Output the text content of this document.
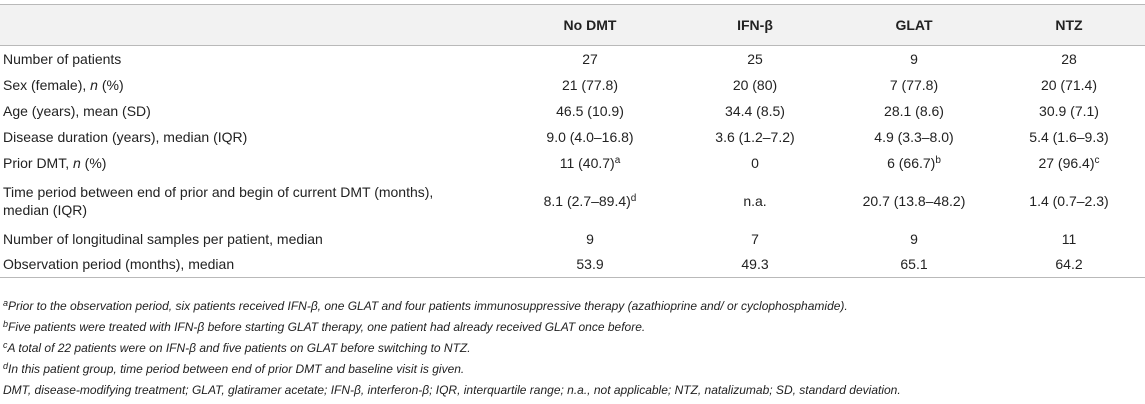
	No DMT	IFN-β	GLAT	NTZ
Number of patients	27	25	9	28
Sex (female), n (%)	21 (77.8)	20 (80)	7 (77.8)	20 (71.4)
Age (years), mean (SD)	46.5 (10.9)	34.4 (8.5)	28.1 (8.6)	30.9 (7.1)
Disease duration (years), median (IQR)	9.0 (4.0–16.8)	3.6 (1.2–7.2)	4.9 (3.3–8.0)	5.4 (1.6–9.3)
Prior DMT, n (%)	11 $(40.7)^a$	0	6 $(66.7)^b$	27 $(96.4)^c$
Time period between end of prior and begin of current DMT (months),
median (IQR)	8.1 $(2.7-89.4)^d$	n.a.	20.7 (13.8–48.2)	1.4 (0.7–2.3)
Number of longitudinal samples per patient, median	9	7	9	11
Observation period (months), median	53.9	49.3	65.1	64.2
$^a$Prior to the observation period, six patients received IFN-β, one GLAT and four patients immunosuppressive therapy (azathioprine and/ or cyclophosphamide).
$^b$Five patients were treated with IFN-β before starting GLAT therapy, one patient had already received GLAT once before.
$^c$A total of 22 patients were on IFN-β and five patients on GLAT before switching to NTZ.
$^d$In this patient group, time period between end of prior DMT and baseline visit is given.
DMT, disease-modifying treatment; GLAT, glatiramer acetate; IFN-β, interferon-β; IQR, interquartile range; n.a., not applicable; NTZ, natalizumab; SD, standard deviation.
